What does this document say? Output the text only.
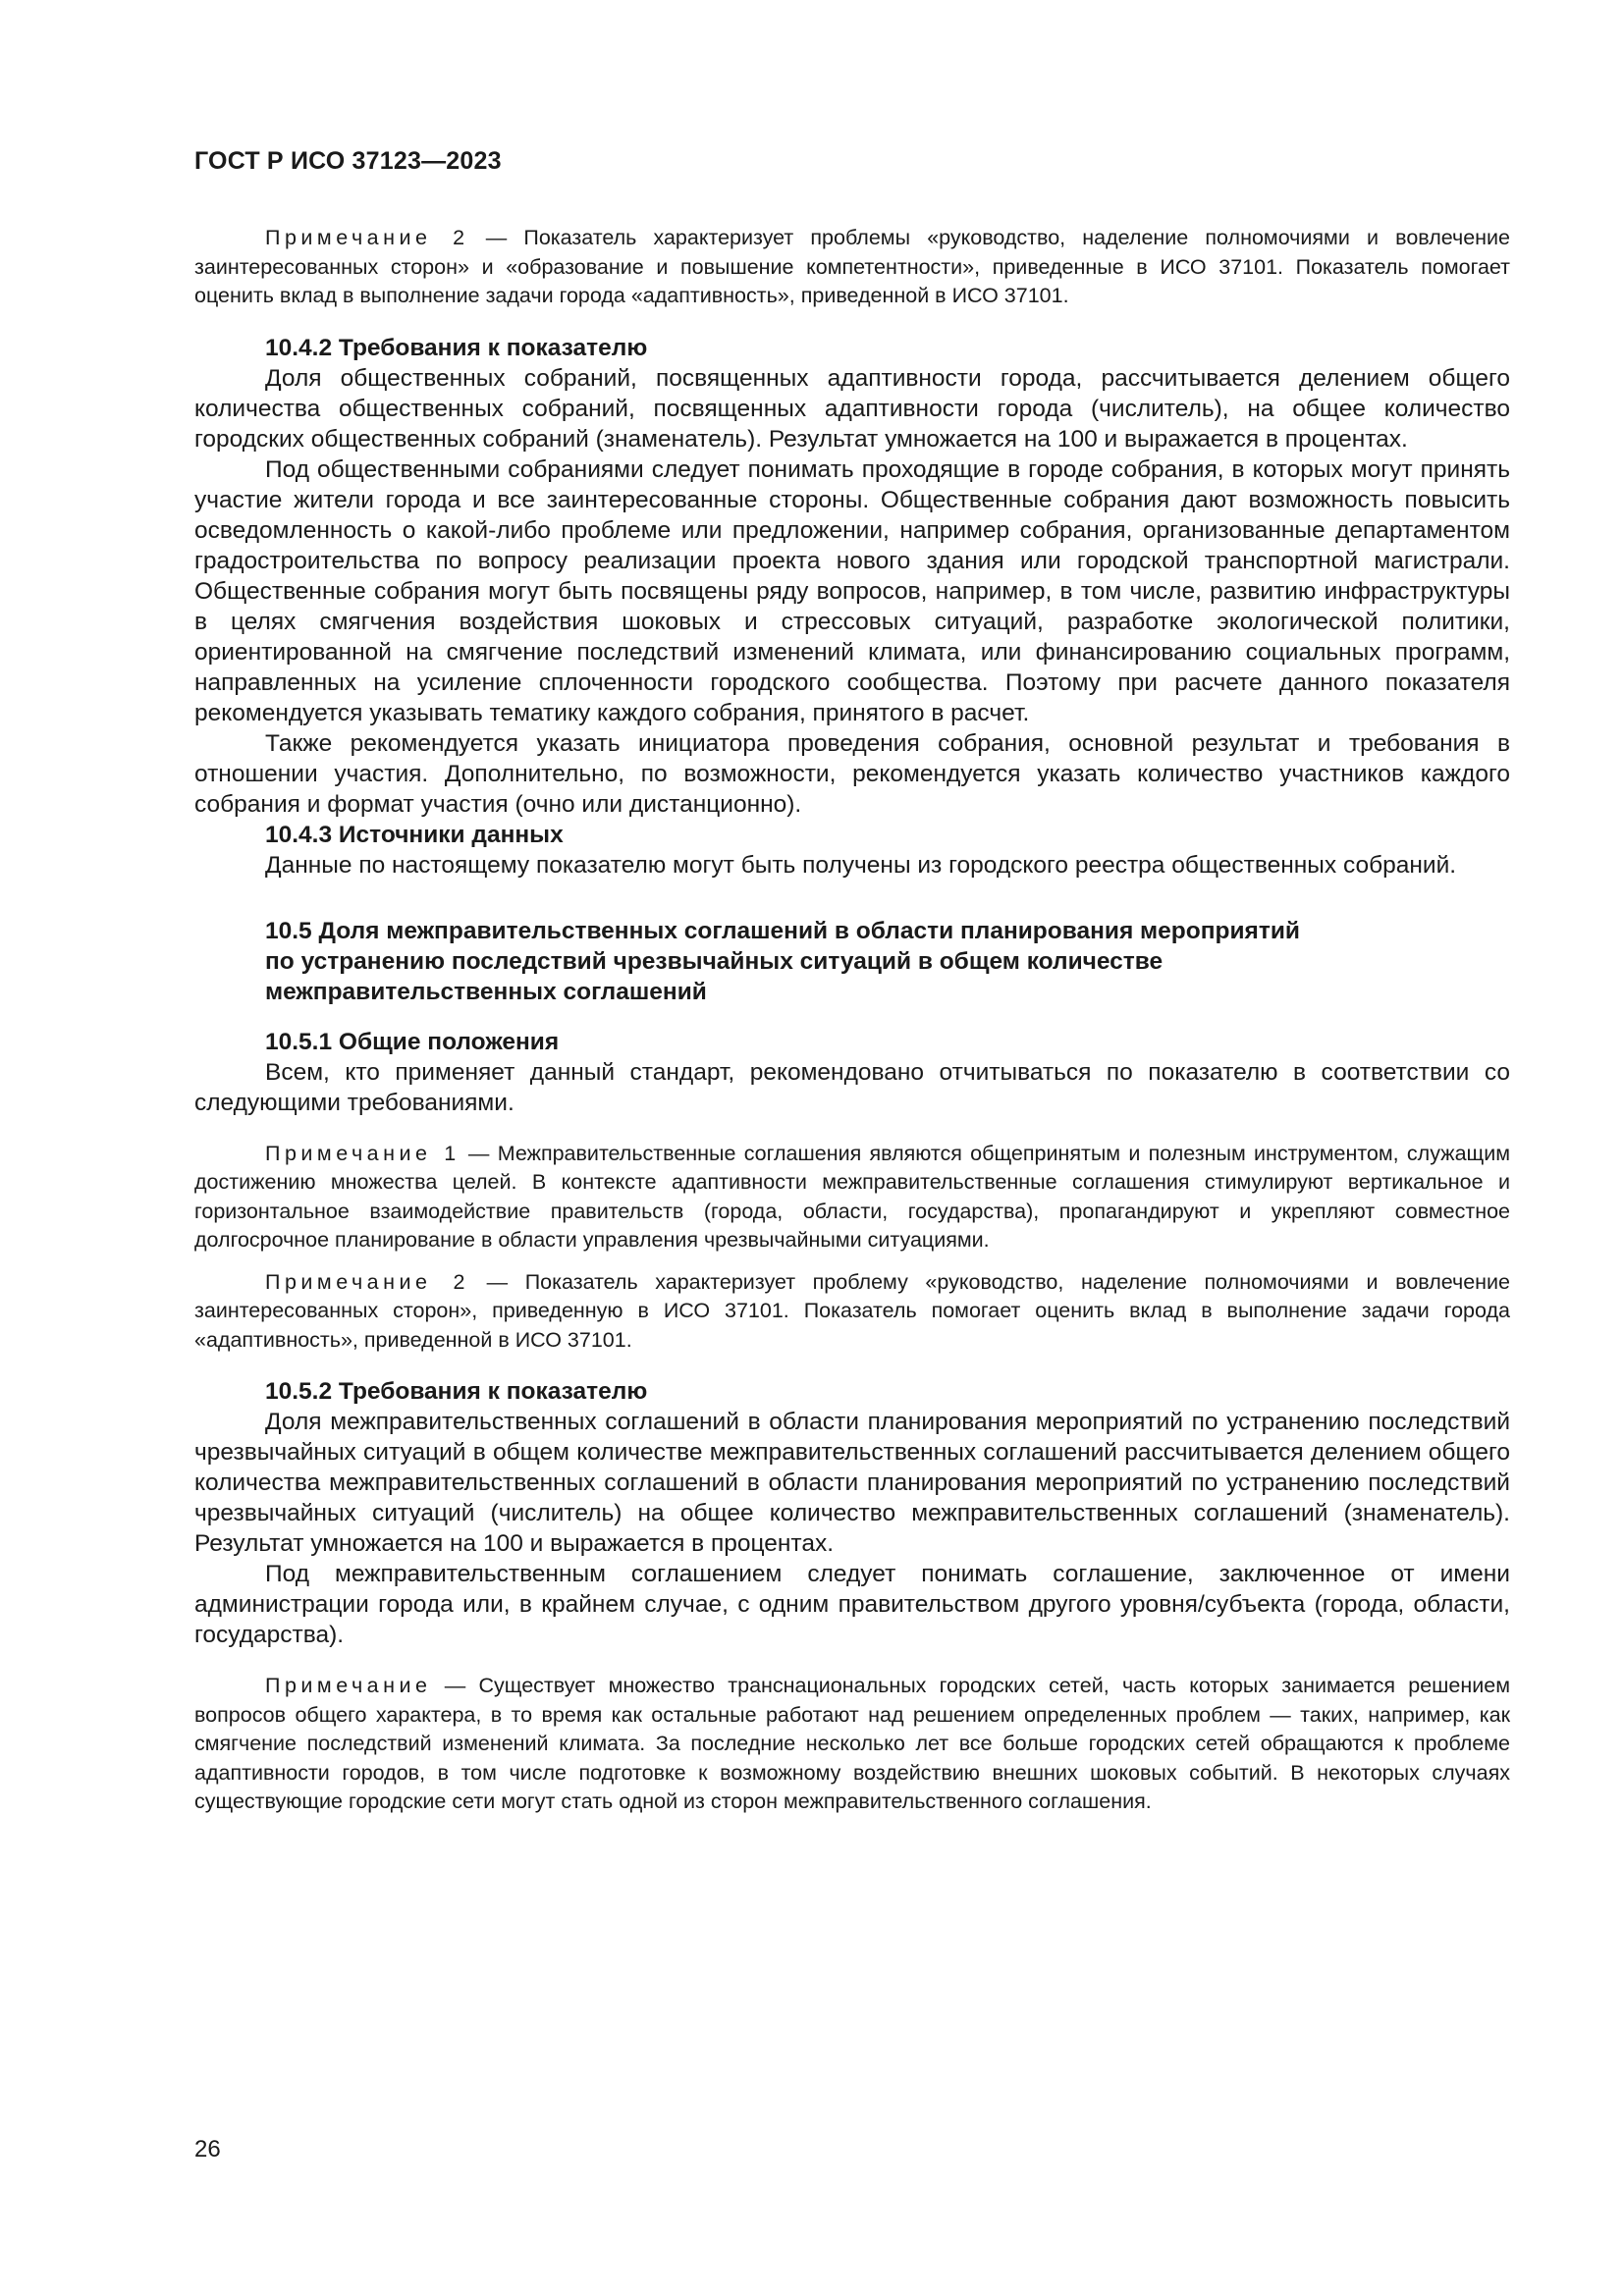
ГОСТ Р ИСО 37123—2023

Примечание 2 — Показатель характеризует проблемы «руководство, наделение полномочиями и вовлечение заинтересованных сторон» и «образование и повышение компетентности», приведенные в ИСО 37101. Показатель помогает оценить вклад в выполнение задачи города «адаптивность», приведенной в ИСО 37101.

10.4.2 Требования к показателю

Доля общественных собраний, посвященных адаптивности города, рассчитывается делением общего количества общественных собраний, посвященных адаптивности города (числитель), на общее количество городских общественных собраний (знаменатель). Результат умножается на 100 и выражается в процентах.

Под общественными собраниями следует понимать проходящие в городе собрания, в которых могут принять участие жители города и все заинтересованные стороны. Общественные собрания дают возможность повысить осведомленность о какой-либо проблеме или предложении, например собрания, организованные департаментом градостроительства по вопросу реализации проекта нового здания или городской транспортной магистрали. Общественные собрания могут быть посвящены ряду вопросов, например, в том числе, развитию инфраструктуры в целях смягчения воздействия шоковых и стрессовых ситуаций, разработке экологической политики, ориентированной на смягчение последствий изменений климата, или финансированию социальных программ, направленных на усиление сплоченности городского сообщества. Поэтому при расчете данного показателя рекомендуется указывать тематику каждого собрания, принятого в расчет.

Также рекомендуется указать инициатора проведения собрания, основной результат и требования в отношении участия. Дополнительно, по возможности, рекомендуется указать количество участников каждого собрания и формат участия (очно или дистанционно).

10.4.3 Источники данных

Данные по настоящему показателю могут быть получены из городского реестра общественных собраний.

10.5 Доля межправительственных соглашений в области планирования мероприятий
по устранению последствий чрезвычайных ситуаций в общем количестве
межправительственных соглашений

10.5.1 Общие положения

Всем, кто применяет данный стандарт, рекомендовано отчитываться по показателю в соответствии со следующими требованиями.

Примечание 1 — Межправительственные соглашения являются общепринятым и полезным инструментом, служащим достижению множества целей. В контексте адаптивности межправительственные соглашения стимулируют вертикальное и горизонтальное взаимодействие правительств (города, области, государства), пропагандируют и укрепляют совместное долгосрочное планирование в области управления чрезвычайными ситуациями.

Примечание 2 — Показатель характеризует проблему «руководство, наделение полномочиями и вовлечение заинтересованных сторон», приведенную в ИСО 37101. Показатель помогает оценить вклад в выполнение задачи города «адаптивность», приведенной в ИСО 37101.

10.5.2 Требования к показателю

Доля межправительственных соглашений в области планирования мероприятий по устранению последствий чрезвычайных ситуаций в общем количестве межправительственных соглашений рассчитывается делением общего количества межправительственных соглашений в области планирования мероприятий по устранению последствий чрезвычайных ситуаций (числитель) на общее количество межправительственных соглашений (знаменатель). Результат умножается на 100 и выражается в процентах.

Под межправительственным соглашением следует понимать соглашение, заключенное от имени администрации города или, в крайнем случае, с одним правительством другого уровня/субъекта (города, области, государства).

Примечание — Существует множество транснациональных городских сетей, часть которых занимается решением вопросов общего характера, в то время как остальные работают над решением определенных проблем — таких, например, как смягчение последствий изменений климата. За последние несколько лет все больше городских сетей обращаются к проблеме адаптивности городов, в том числе подготовке к возможному воздействию внешних шоковых событий. В некоторых случаях существующие городские сети могут стать одной из сторон межправительственного соглашения.

26
